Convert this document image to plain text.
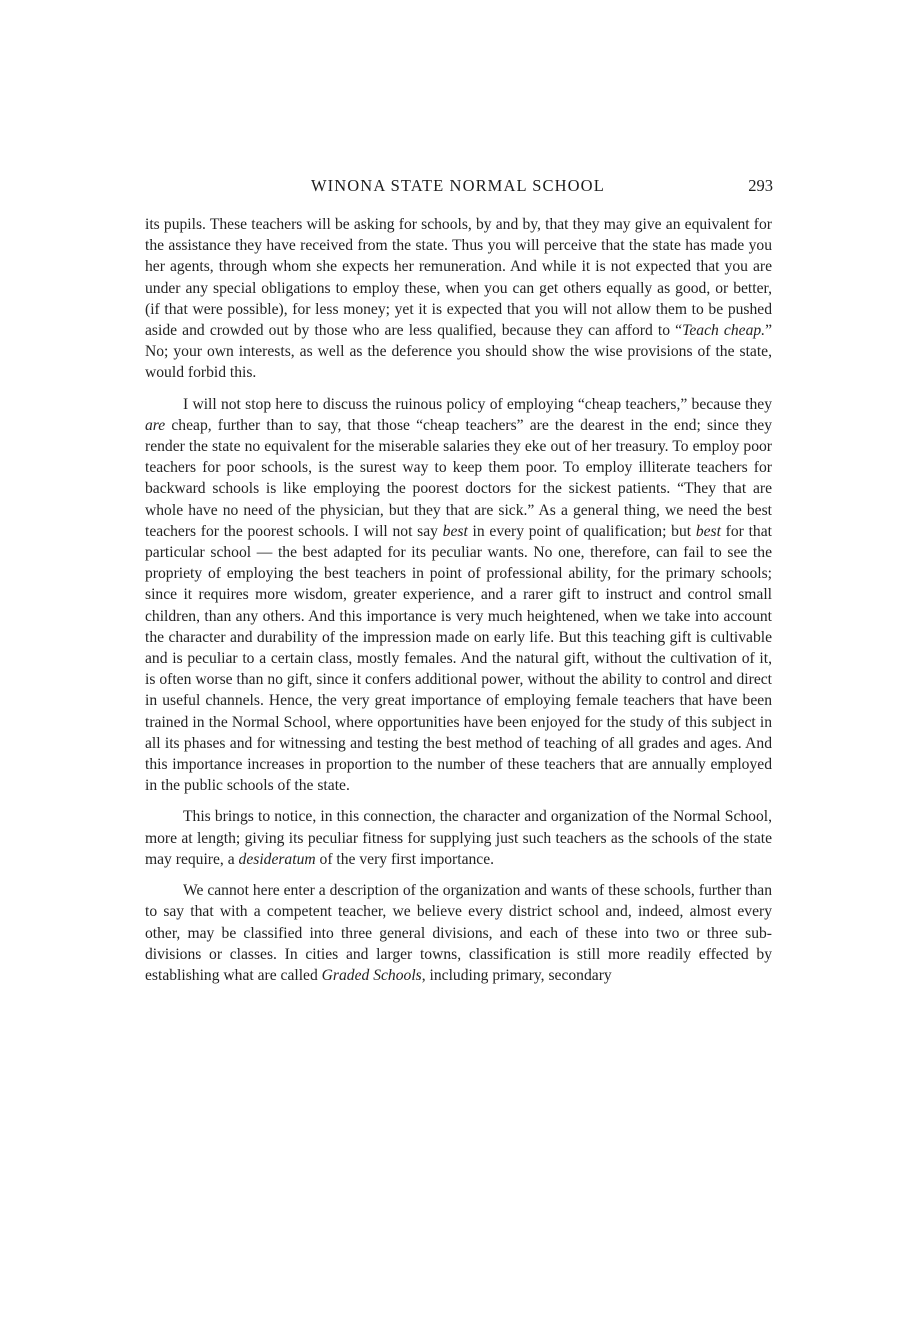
WINONA STATE NORMAL SCHOOL	293

its pupils. These teachers will be asking for schools, by and by, that they may give an equivalent for the assistance they have received from the state. Thus you will perceive that the state has made you her agents, through whom she expects her remuneration. And while it is not expected that you are under any special obligations to employ these, when you can get others equally as good, or better, (if that were possible), for less money; yet it is expected that you will not allow them to be pushed aside and crowded out by those who are less qualified, because they can afford to “Teach cheap.” No; your own interests, as well as the deference you should show the wise provisions of the state, would forbid this.

I will not stop here to discuss the ruinous policy of employing “cheap teachers,” because they are cheap, further than to say, that those “cheap teachers” are the dearest in the end; since they render the state no equivalent for the miserable salaries they eke out of her treasury. To employ poor teachers for poor schools, is the surest way to keep them poor. To employ illiterate teachers for backward schools is like employing the poorest doctors for the sickest patients. “They that are whole have no need of the physician, but they that are sick.” As a general thing, we need the best teachers for the poorest schools. I will not say best in every point of qualification; but best for that particular school — the best adapted for its peculiar wants. No one, therefore, can fail to see the propriety of employing the best teachers in point of professional ability, for the primary schools; since it requires more wisdom, greater experience, and a rarer gift to instruct and control small children, than any others. And this importance is very much heightened, when we take into account the character and durability of the impression made on early life. But this teaching gift is cultivable and is peculiar to a certain class, mostly females. And the natural gift, without the cultivation of it, is often worse than no gift, since it confers additional power, without the ability to control and direct in useful channels. Hence, the very great importance of employing female teachers that have been trained in the Normal School, where opportunities have been enjoyed for the study of this subject in all its phases and for witnessing and testing the best method of teaching of all grades and ages. And this importance increases in proportion to the number of these teachers that are annually employed in the public schools of the state.

This brings to notice, in this connection, the character and organization of the Normal School, more at length; giving its peculiar fitness for supplying just such teachers as the schools of the state may require, a desideratum of the very first importance.

We cannot here enter a description of the organization and wants of these schools, further than to say that with a competent teacher, we believe every district school and, indeed, almost every other, may be classified into three general divisions, and each of these into two or three sub-divisions or classes. In cities and larger towns, classification is still more readily effected by establishing what are called Graded Schools, including primary, secondary
